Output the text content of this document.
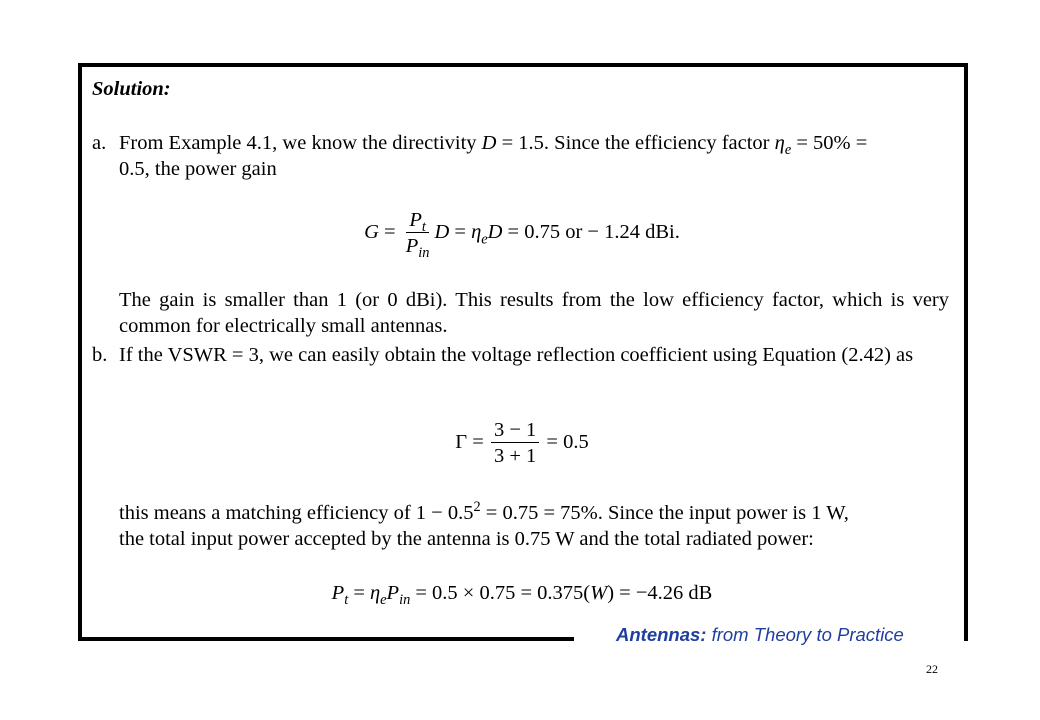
Solution:
a. From Example 4.1, we know the directivity D = 1.5. Since the efficiency factor $\eta_e = 50\%$ =
0.5, the power gain
$G = \frac{P_t}{P_{in}}$ $D = \eta_eD = 0.75$ or − 1.24 dBi.
The gain is smaller than 1 (or 0 dBi). This results from the low efficiency factor, which is very common for electrically small antennas.
b. If the VSWR = 3, we can easily obtain the voltage reflection coefficient using Equation (2.42) as
$\Gamma = \frac{3 - 1}{3 + 1} = 0.5$
this means a matching efficiency of $1 - 0.5^2 = 0.75 = 75\%$. Since the input power is 1 W,
the total input power accepted by the antenna is 0.75 W and the total radiated power:
$P_t = \eta_eP_{in} = 0.5 \times 0.75 = 0.375(W) = -4.26$ dB
Antennas: from Theory to Practice
22
